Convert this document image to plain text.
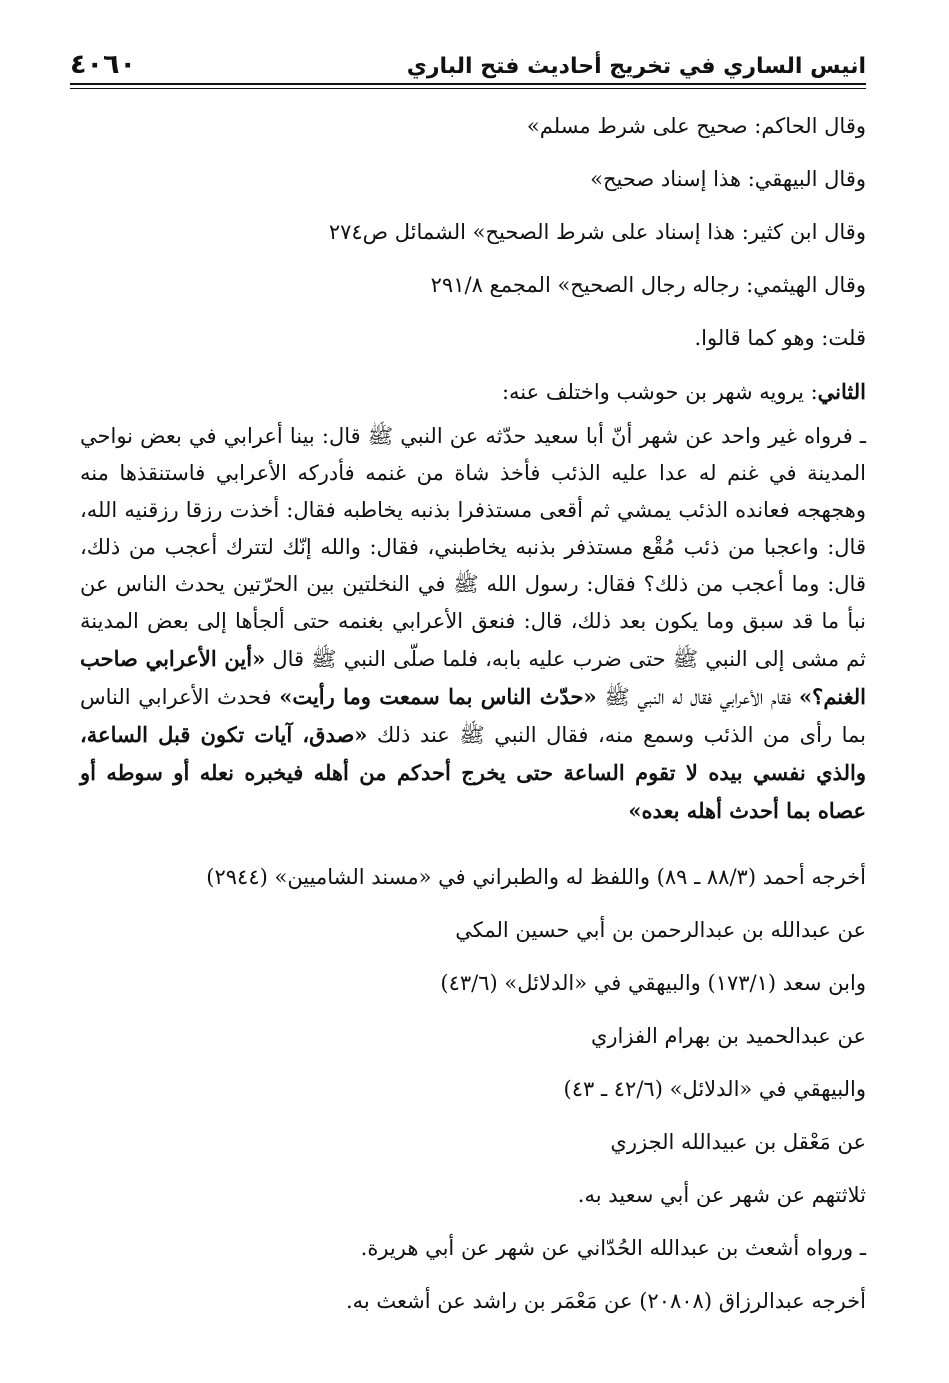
انيس الساري في تخريج أحاديث فتح الباري
٤٠٦٠
وقال الحاكم: صحيح على شرط مسلم»
وقال البيهقي: هذا إسناد صحيح»
وقال ابن كثير: هذا إسناد على شرط الصحيح» الشمائل ص٢٧٤
وقال الهيثمي: رجاله رجال الصحيح» المجمع ٢٩١/٨
قلت: وهو كما قالوا.
الثاني: يرويه شهر بن حوشب واختلف عنه:

ـ فرواه غير واحد عن شهر أنّ أبا سعيد حدّثه عن النبي ﷺ قال: بينا أعرابي في بعض نواحي المدينة في غنم له عدا عليه الذئب فأخذ شاة من غنمه فأدركه الأعرابي فاستنقذها منه وهجهجه فعانده الذئب يمشي ثم أقعى مستذفرا بذنبه يخاطبه فقال: أخذت رزقا رزقنيه الله، قال: واعجبا من ذئب مُقْع مستذفر بذنبه يخاطبني، فقال: والله إنّك لتترك أعجب من ذلك، قال: وما أعجب من ذلك؟ فقال: رسول الله ﷺ في النخلتين بين الحرّتين يحدث الناس عن نبأ ما قد سبق وما يكون بعد ذلك، قال: فنعق الأعرابي بغنمه حتى ألجأها إلى بعض المدينة ثم مشى إلى النبي ﷺ حتى ضرب عليه بابه، فلما صلّى النبي ﷺ قال «أين الأعرابي صاحب الغنم؟» فقام الأعرابي فقال له النبي ﷺ «حدّث الناس بما سمعت وما رأيت» فحدث الأعرابي الناس بما رأى من الذئب وسمع منه، فقال النبي ﷺ عند ذلك «صدق، آيات تكون قبل الساعة، والذي نفسي بيده لا تقوم الساعة حتى يخرج أحدكم من أهله فيخبره نعله أو سوطه أو عصاه بما أحدث أهله بعده»

أخرجه أحمد (٨٨/٣ ـ ٨٩) واللفظ له والطبراني في «مسند الشاميين» (٢٩٤٤)
عن عبدالله بن عبدالرحمن بن أبي حسين المكي
وابن سعد (١٧٣/١) والبيهقي في «الدلائل» (٤٣/٦)
عن عبدالحميد بن بهرام الفزاري
والبيهقي في «الدلائل» (٤٢/٦ ـ ٤٣)
عن مَعْقل بن عبيدالله الجزري
ثلاثتهم عن شهر عن أبي سعيد به.
ـ ورواه أشعث بن عبدالله الحُدّاني عن شهر عن أبي هريرة.
أخرجه عبدالرزاق (٢٠٨٠٨) عن مَعْمَر بن راشد عن أشعث به.
